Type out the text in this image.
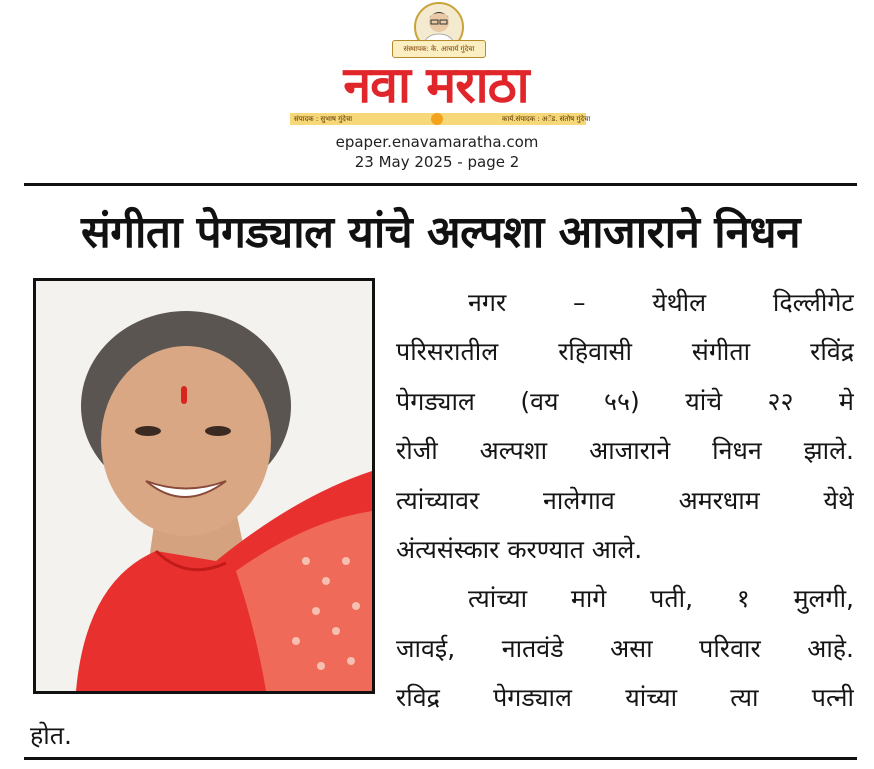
संस्थापक: के. आचार्य गुंदेचा
नवा मराठा
संपादक : सुभाष गुंदेचा	कार्य.संपादक : अॅड. संतोष गुंदेचा
epaper.enavamaratha.com
23 May 2025 - page 2
संगीता पेगड्याल यांचे अल्पशा आजाराने निधन
नगर – येथील दिल्लीगेट
परिसरातील रहिवासी संगीता रविंद्र
पेगड्याल (वय ५५) यांचे २२ मे
रोजी अल्पशा आजाराने निधन झाले.
त्यांच्यावर नालेगाव अमरधाम येथे
अंत्यसंस्कार करण्यात आले.
त्यांच्या मागे पती, १ मुलगी,
जावई, नातवंडे असा परिवार आहे.
रविद्र पेगड्याल यांच्या त्या पत्नी
होत.
